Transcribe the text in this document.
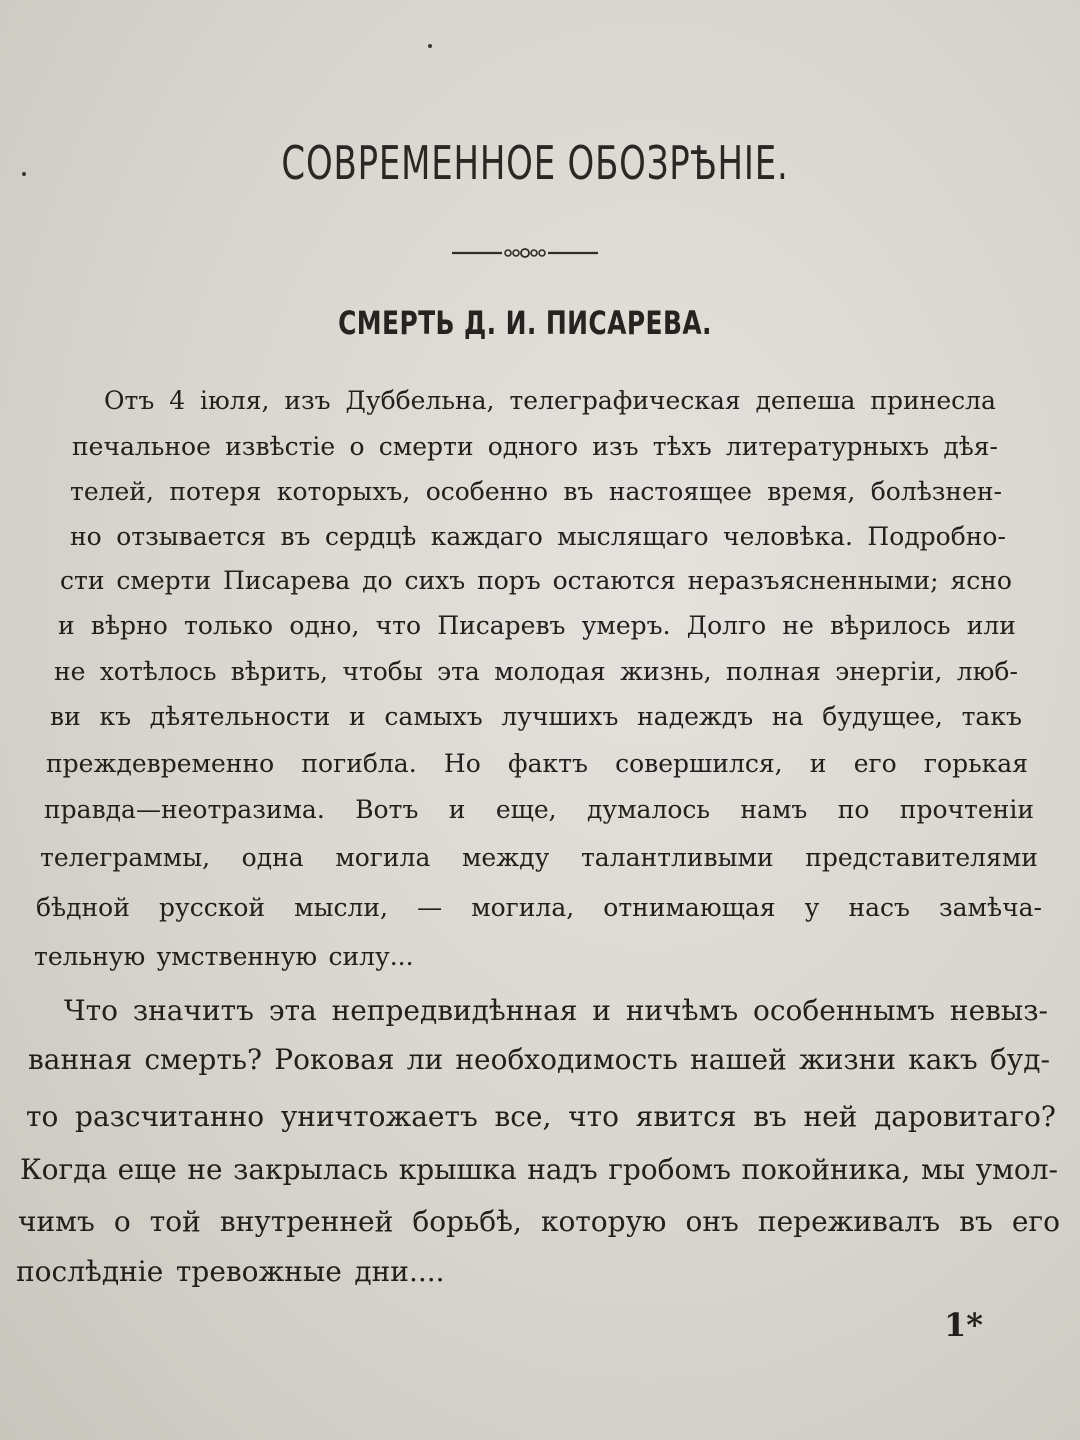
СОВРЕМЕННОЕ ОБОЗРѢНІЕ.
СМЕРТЬ Д. И. ПИСАРЕВА.
Отъ 4 іюля, изъ Дуббельна, телеграфическая депеша принесла
печальное извѣстіе о смерти одного изъ тѣхъ литературныхъ дѣя-
телей, потеря которыхъ, особенно въ настоящее время, болѣзнен-
но отзывается въ сердцѣ каждаго мыслящаго человѣка. Подробно-
сти смерти Писарева до сихъ поръ остаются неразъясненными; ясно
и вѣрно только одно, что Писаревъ умеръ. Долго не вѣрилось или
не хотѣлось вѣрить, чтобы эта молодая жизнь, полная энергіи, люб-
ви къ дѣятельности и самыхъ лучшихъ надеждъ на будущее, такъ
преждевременно погибла. Но фактъ совершился, и его горькая
правда—неотразима. Вотъ и еще, думалось намъ по прочтеніи
телеграммы, одна могила между талантливыми представителями
бѣдной русской мысли, — могила, отнимающая у насъ замѣча-
тельную умственную силу...
Что значитъ эта непредвидѣнная и ничѣмъ особеннымъ невыз-
ванная смерть? Роковая ли необходимость нашей жизни какъ буд-
то разсчитанно уничтожаетъ все, что явится въ ней даровитаго?
Когда еще не закрылась крышка надъ гробомъ покойника, мы умол-
чимъ о той внутренней борьбѣ, которую онъ переживалъ въ его
послѣдніе тревожные дни....
1*
